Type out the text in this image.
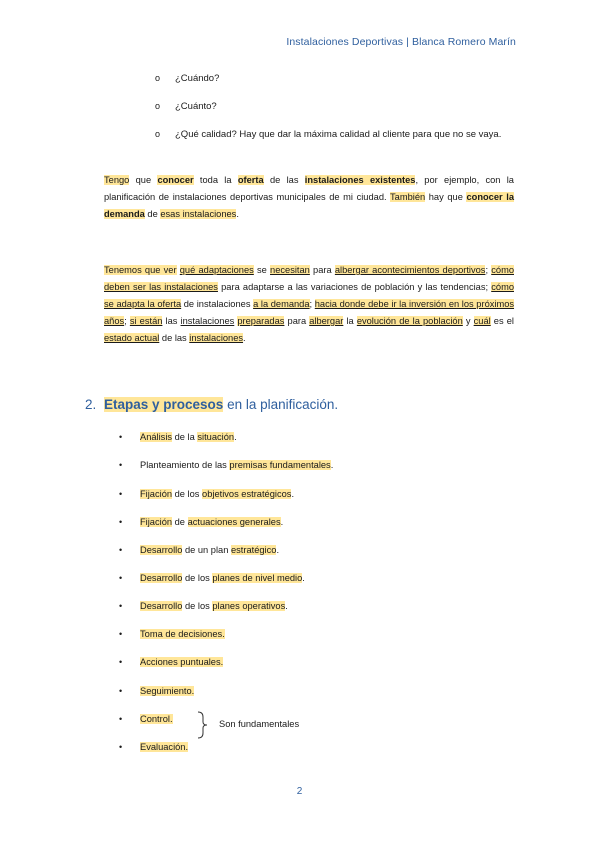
Instalaciones Deportivas | Blanca Romero Marín
o ¿Cuándo?
o ¿Cuánto?
o ¿Qué calidad? Hay que dar la máxima calidad al cliente para que no se vaya.

Tengo que conocer toda la oferta de las instalaciones existentes, por ejemplo, con la planificación de instalaciones deportivas municipales de mi ciudad. También hay que conocer la demanda de esas instalaciones.

Tenemos que ver qué adaptaciones se necesitan para albergar acontecimientos deportivos; cómo deben ser las instalaciones para adaptarse a las variaciones de población y las tendencias; cómo se adapta la oferta de instalaciones a la demanda; hacia donde debe ir la inversión en los próximos años; si están las instalaciones preparadas para albergar la evolución de la población y cuál es el estado actual de las instalaciones.

2. Etapas y procesos en la planificación.
• Análisis de la situación.
• Planteamiento de las premisas fundamentales.
• Fijación de los objetivos estratégicos.
• Fijación de actuaciones generales.
• Desarrollo de un plan estratégico.
• Desarrollo de los planes de nivel medio.
• Desarrollo de los planes operativos.
• Toma de decisiones.
• Acciones puntuales.
• Seguimiento.
• Control.
• Evaluación.
Son fundamentales
2
